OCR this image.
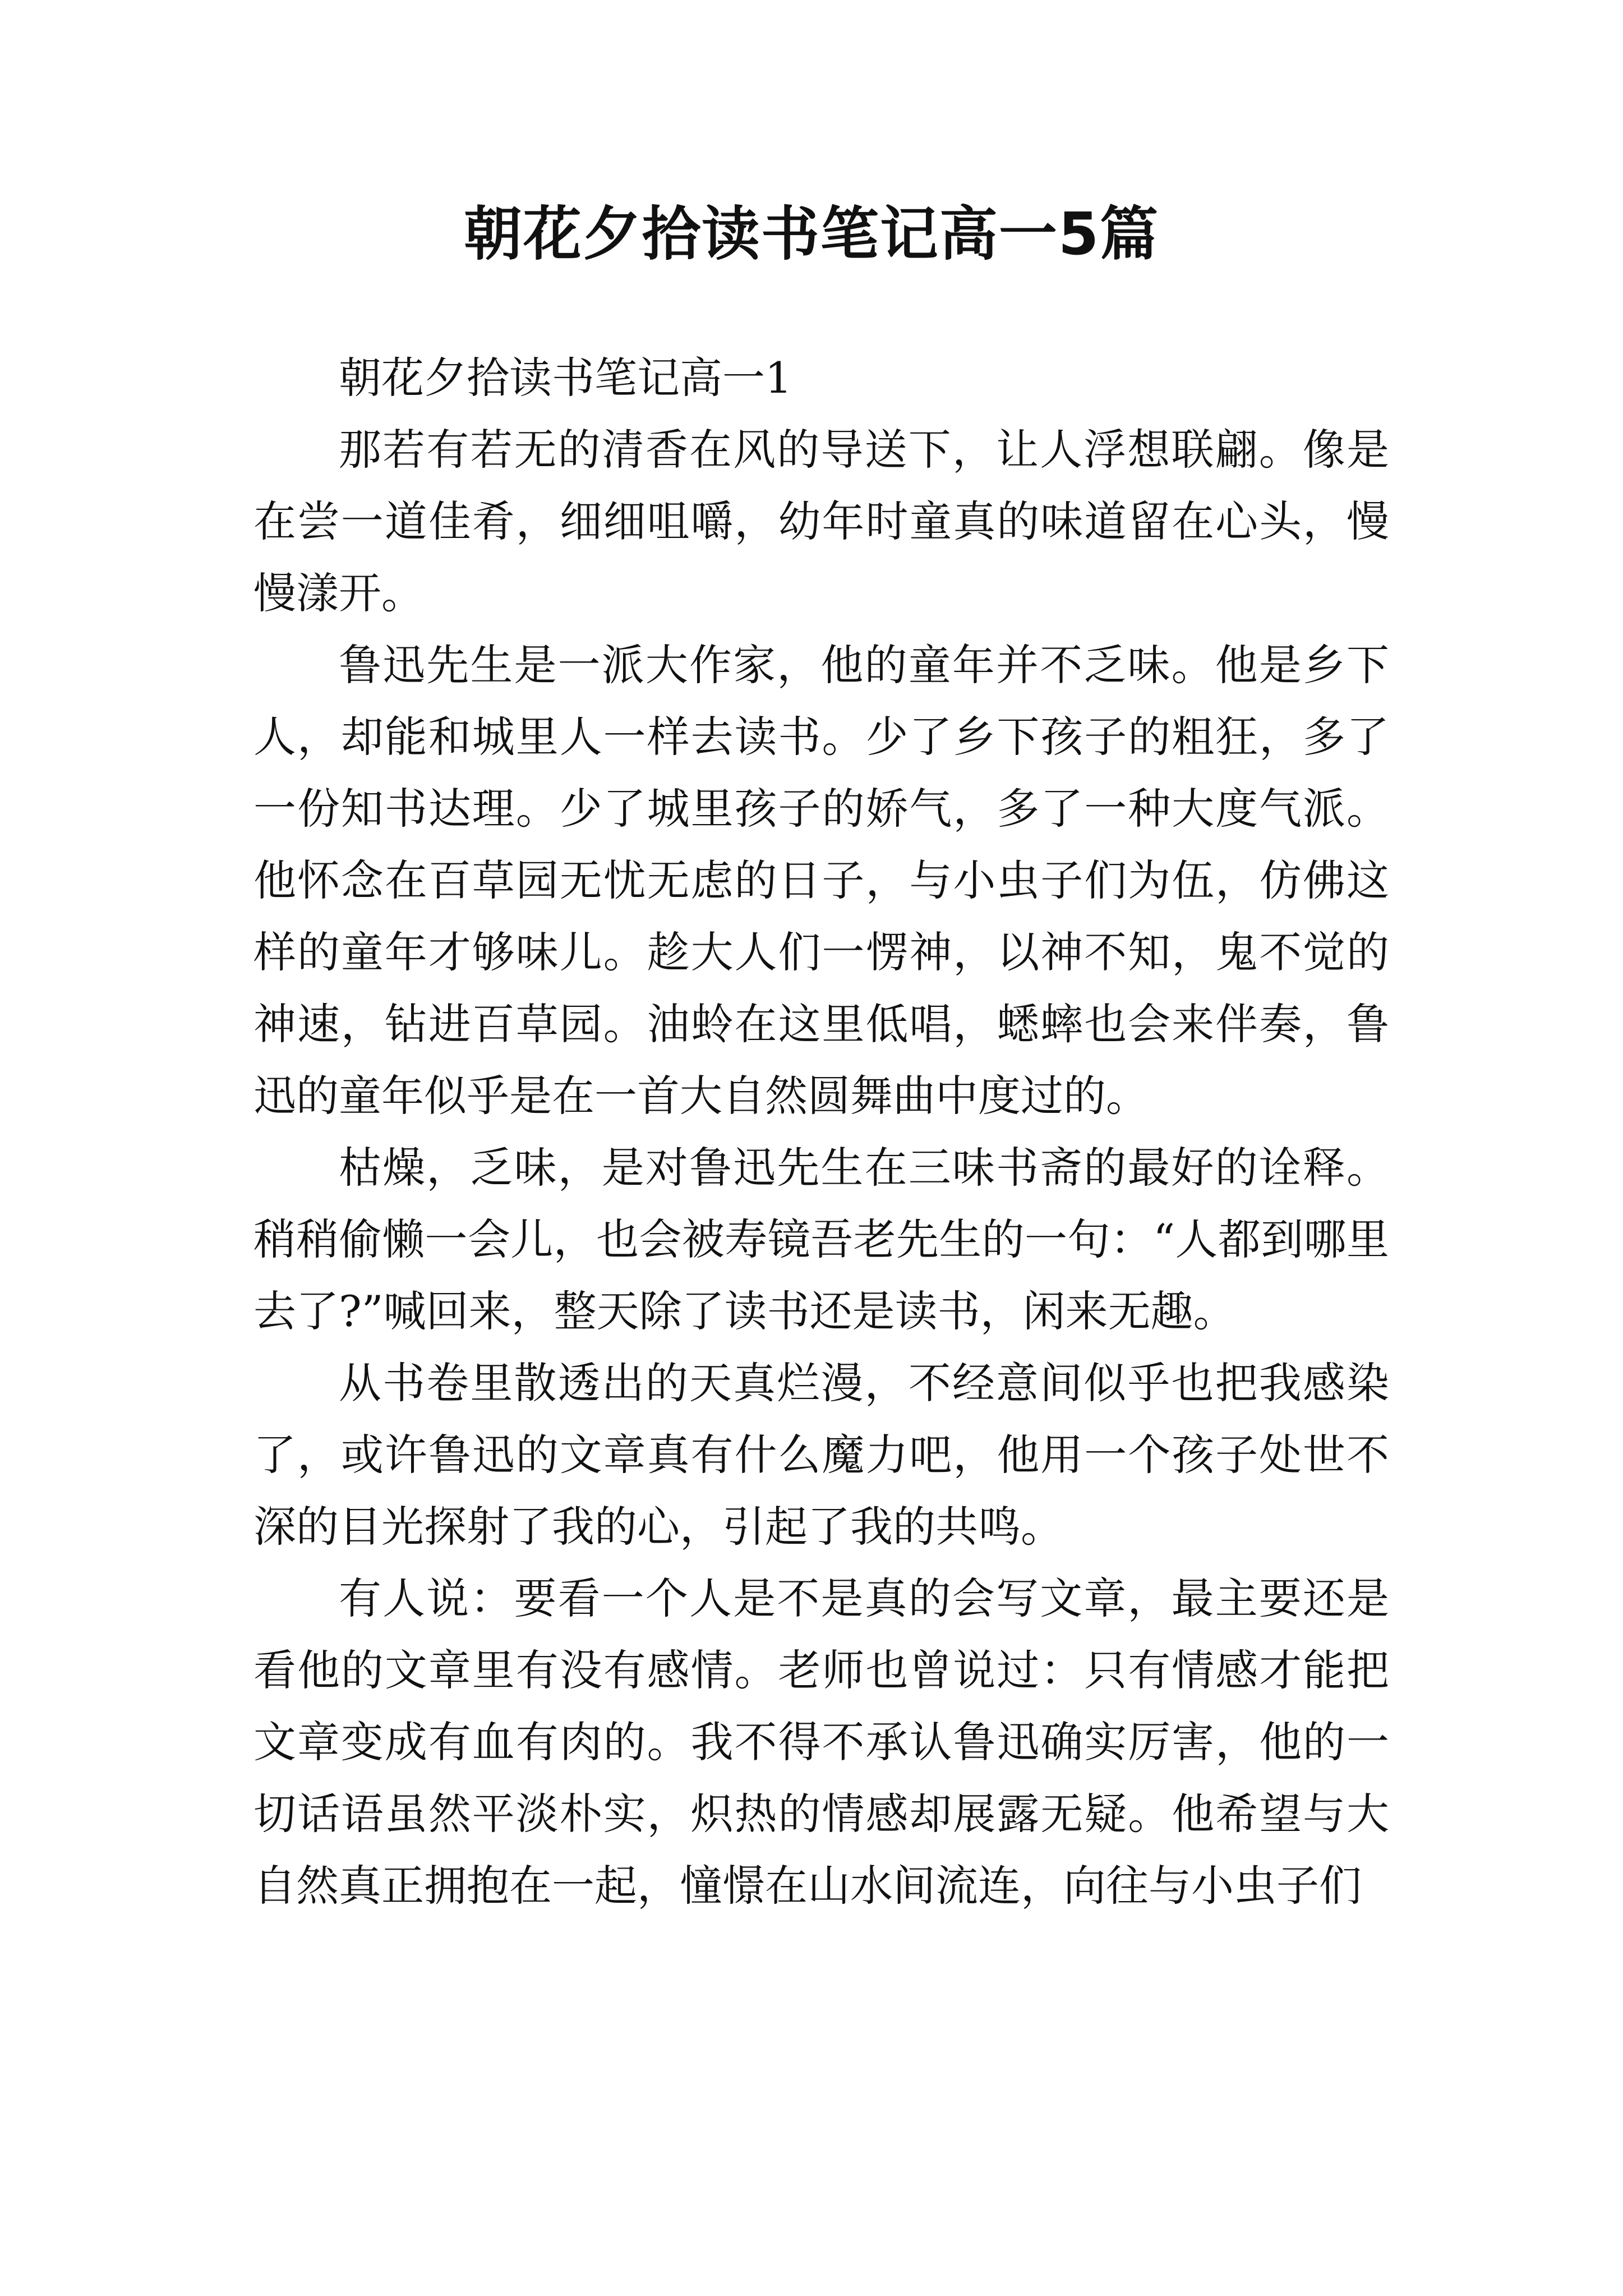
朝花夕拾读书笔记高一5篇

朝花夕拾读书笔记高一1

那若有若无的清香在风的导送下，让人浮想联翩。像是在尝一道佳肴，细细咀嚼，幼年时童真的味道留在心头，慢慢漾开。

鲁迅先生是一派大作家，他的童年并不乏味。他是乡下人，却能和城里人一样去读书。少了乡下孩子的粗狂，多了一份知书达理。少了城里孩子的娇气，多了一种大度气派。他怀念在百草园无忧无虑的日子，与小虫子们为伍，仿佛这样的童年才够味儿。趁大人们一愣神，以神不知，鬼不觉的神速，钻进百草园。油蛉在这里低唱，蟋蟀也会来伴奏，鲁迅的童年似乎是在一首大自然圆舞曲中度过的。

枯燥，乏味，是对鲁迅先生在三味书斋的最好的诠释。稍稍偷懒一会儿，也会被寿镜吾老先生的一句：“人都到哪里去了?”喊回来，整天除了读书还是读书，闲来无趣。

从书卷里散透出的天真烂漫，不经意间似乎也把我感染了，或许鲁迅的文章真有什么魔力吧，他用一个孩子处世不深的目光探射了我的心，引起了我的共鸣。

有人说：要看一个人是不是真的会写文章，最主要还是看他的文章里有没有感情。老师也曾说过：只有情感才能把文章变成有血有肉的。我不得不承认鲁迅确实厉害，他的一切话语虽然平淡朴实，炽热的情感却展露无疑。他希望与大自然真正拥抱在一起，憧憬在山水间流连，向往与小虫子们
